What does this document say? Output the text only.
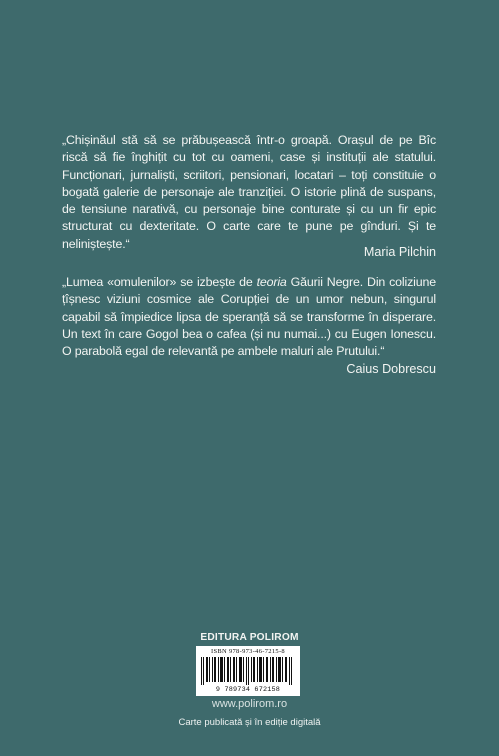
„Chișinăul stă să se prăbușească într-o groapă. Orașul de pe Bîc riscă să fie înghițit cu tot cu oameni, case și instituții ale statului. Funcționari, jurnaliști, scriitori, pensionari, locatari – toți constituie o bogată galerie de personaje ale tranziției. O istorie plină de suspans, de tensiune narativă, cu personaje bine conturate și cu un fir epic structurat cu dexteritate. O carte care te pune pe gînduri. Și te neliniștește.“

Maria Pilchin

„Lumea «omulenilor» se izbește de teoria Găurii Negre. Din coliziune țîșnesc viziuni cosmice ale Corupției de un umor nebun, singurul capabil să împiedice lipsa de speranță să se transforme în disperare. Un text în care Gogol bea o cafea (și nu numai...) cu Eugen Ionescu. O parabolă egal de relevantă pe ambele maluri ale Prutului.“

Caius Dobrescu

EDITURA POLIROM
ISBN 978-973-46-7215-8
9 789734 672158
www.polirom.ro
Carte publicată și în ediție digitală
